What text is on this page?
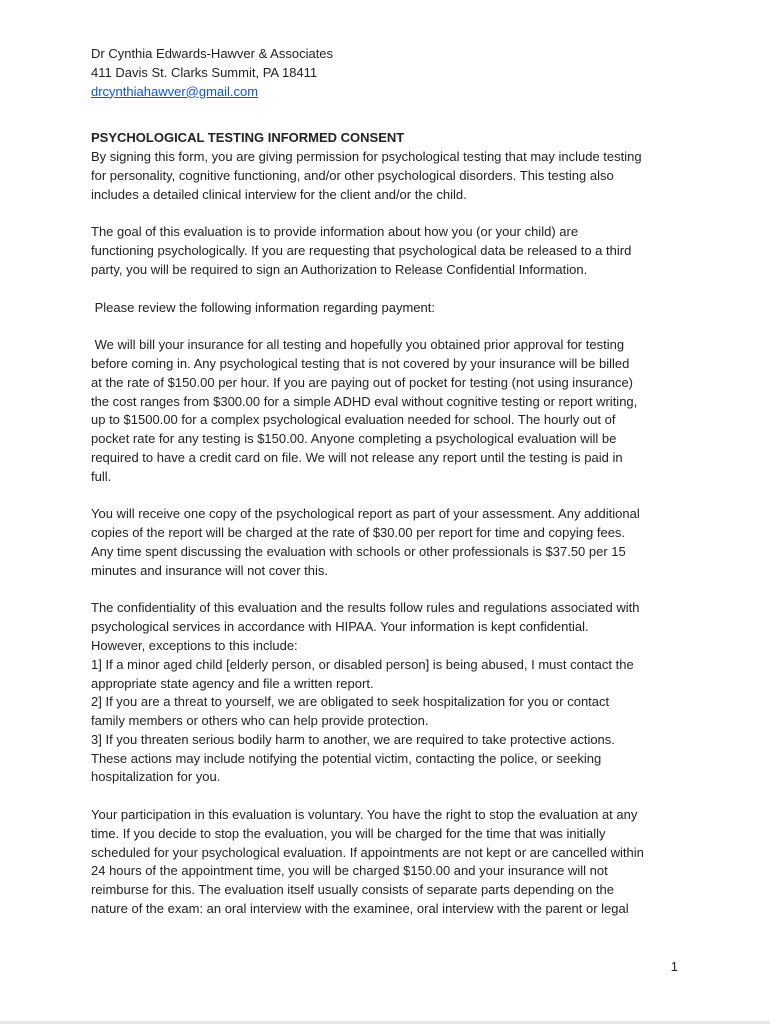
Dr Cynthia Edwards-Hawver & Associates

411 Davis St. Clarks Summit, PA 18411

drcynthiahawver@gmail.com

PSYCHOLOGICAL TESTING INFORMED CONSENT

By signing this form, you are giving permission for psychological testing that may include testing
for personality, cognitive functioning, and/or other psychological disorders. This testing also
includes a detailed clinical interview for the client and/or the child.
The goal of this evaluation is to provide information about how you (or your child) are
functioning psychologically. If you are requesting that psychological data be released to a third
party, you will be required to sign an Authorization to Release Confidential Information.
Please review the following information regarding payment:
We will bill your insurance for all testing and hopefully you obtained prior approval for testing
before coming in. Any psychological testing that is not covered by your insurance will be billed
at the rate of $150.00 per hour. If you are paying out of pocket for testing (not using insurance)
the cost ranges from $300.00 for a simple ADHD eval without cognitive testing or report writing,
up to $1500.00 for a complex psychological evaluation needed for school. The hourly out of
pocket rate for any testing is $150.00. Anyone completing a psychological evaluation will be
required to have a credit card on file. We will not release any report until the testing is paid in
full.
You will receive one copy of the psychological report as part of your assessment. Any additional
copies of the report will be charged at the rate of $30.00 per report for time and copying fees.
Any time spent discussing the evaluation with schools or other professionals is $37.50 per 15
minutes and insurance will not cover this.
The confidentiality of this evaluation and the results follow rules and regulations associated with
psychological services in accordance with HIPAA. Your information is kept confidential.
However, exceptions to this include:
1] If a minor aged child [elderly person, or disabled person] is being abused, I must contact the
appropriate state agency and file a written report.
2] If you are a threat to yourself, we are obligated to seek hospitalization for you or contact
family members or others who can help provide protection.
3] If you threaten serious bodily harm to another, we are required to take protective actions.
These actions may include notifying the potential victim, contacting the police, or seeking
hospitalization for you.
Your participation in this evaluation is voluntary. You have the right to stop the evaluation at any
time. If you decide to stop the evaluation, you will be charged for the time that was initially
scheduled for your psychological evaluation. If appointments are not kept or are cancelled within
24 hours of the appointment time, you will be charged $150.00 and your insurance will not
reimburse for this. The evaluation itself usually consists of separate parts depending on the
nature of the exam: an oral interview with the examinee, oral interview with the parent or legal
1
